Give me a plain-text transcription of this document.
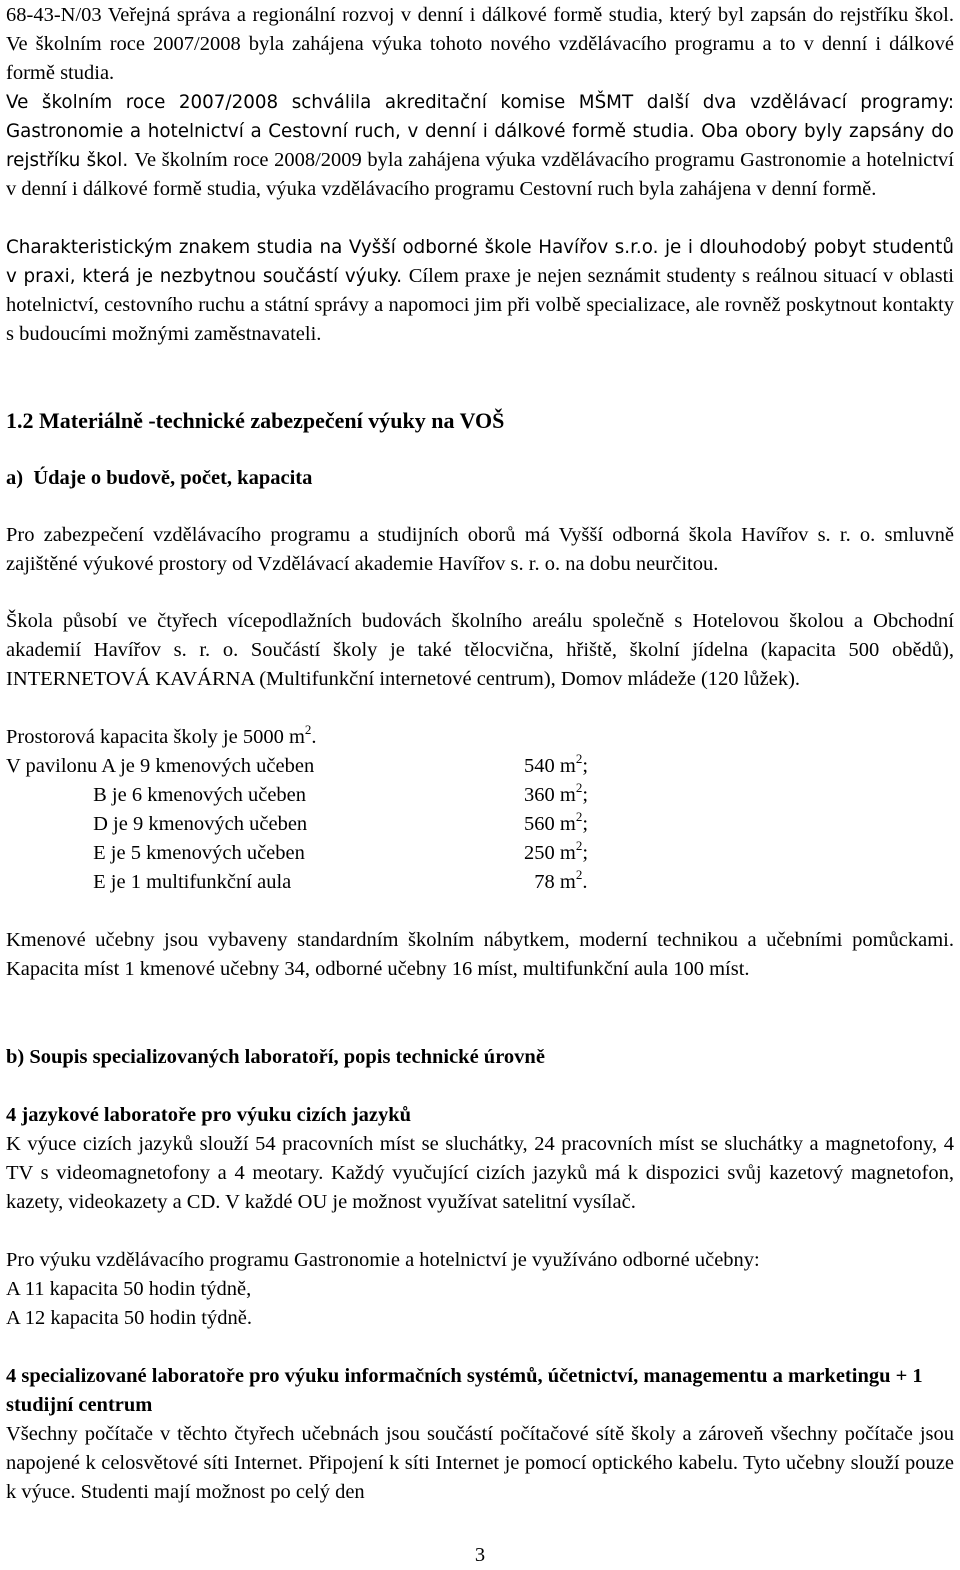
68-43-N/03 Veřejná správa a regionální rozvoj v denní i dálkové formě studia, který byl zapsán do rejstříku škol. Ve školním roce 2007/2008 byla zahájena výuka tohoto nového vzdělávacího programu a to v denní i dálkové formě studia.

Ve školním roce 2007/2008 schválila akreditační komise MŠMT další dva vzdělávací programy: Gastronomie a hotelnictví a Cestovní ruch, v denní i dálkové formě studia. Oba obory byly zapsány do rejstříku škol. Ve školním roce 2008/2009 byla zahájena výuka vzdělávacího programu Gastronomie a hotelnictví v denní i dálkové formě studia, výuka vzdělávacího programu Cestovní ruch byla zahájena v denní formě.

Charakteristickým znakem studia na Vyšší odborné škole Havířov s.r.o. je i dlouhodobý pobyt studentů v praxi, která je nezbytnou součástí výuky. Cílem praxe je nejen seznámit studenty s reálnou situací v oblasti hotelnictví, cestovního ruchu a státní správy a napomoci jim při volbě specializace, ale rovněž poskytnout kontakty s budoucími možnými zaměstnavateli.

1.2 Materiálně -technické zabezpečení výuky na VOŠ

a)  Údaje o budově, počet, kapacita

Pro zabezpečení vzdělávacího programu a studijních oborů má Vyšší odborná škola Havířov s. r. o. smluvně zajištěné výukové prostory od Vzdělávací akademie Havířov s. r. o. na dobu neurčitou.

Škola působí ve čtyřech vícepodlažních budovách školního areálu společně s Hotelovou školou a Obchodní akademií Havířov s. r. o. Součástí školy je také tělocvična, hřiště, školní jídelna (kapacita 500 obědů), INTERNETOVÁ KAVÁRNA (Multifunkční internetové centrum), Domov mládeže (120 lůžek).

Prostorová kapacita školy je 5000 $m^2$.

V pavilonu A je 9 kmenových učeben	540 $m^2$;
B je 6 kmenových učeben	360 $m^2$;
D je 9 kmenových učeben	560 $m^2$;
E je 5 kmenových učeben	250 $m^2$;
E je 1 multifunkční aula	78 $m^2$.

Kmenové učebny jsou vybaveny standardním školním nábytkem, moderní technikou a učebními pomůckami. Kapacita míst 1 kmenové učebny 34, odborné učebny 16 míst, multifunkční aula 100 míst.

b) Soupis specializovaných laboratoří, popis technické úrovně

4 jazykové laboratoře pro výuku cizích jazyků

K výuce cizích jazyků slouží 54 pracovních míst se sluchátky, 24 pracovních míst se sluchátky a magnetofony, 4 TV s videomagnetofony a 4 meotary. Každý vyučující cizích jazyků má k dispozici svůj kazetový magnetofon, kazety, videokazety a CD. V každé OU je možnost využívat satelitní vysílač.

Pro výuku vzdělávacího programu Gastronomie a hotelnictví je využíváno odborné učebny:

A 11 kapacita 50 hodin týdně,

A 12 kapacita 50 hodin týdně.

4 specializované laboratoře pro výuku informačních systémů, účetnictví, managementu a marketingu + 1 studijní centrum

Všechny počítače v těchto čtyřech učebnách jsou součástí počítačové sítě školy a zároveň všechny počítače jsou napojené k celosvětové síti Internet. Připojení k síti Internet je pomocí optického kabelu. Tyto učebny slouží pouze k výuce. Studenti mají možnost po celý den

3
